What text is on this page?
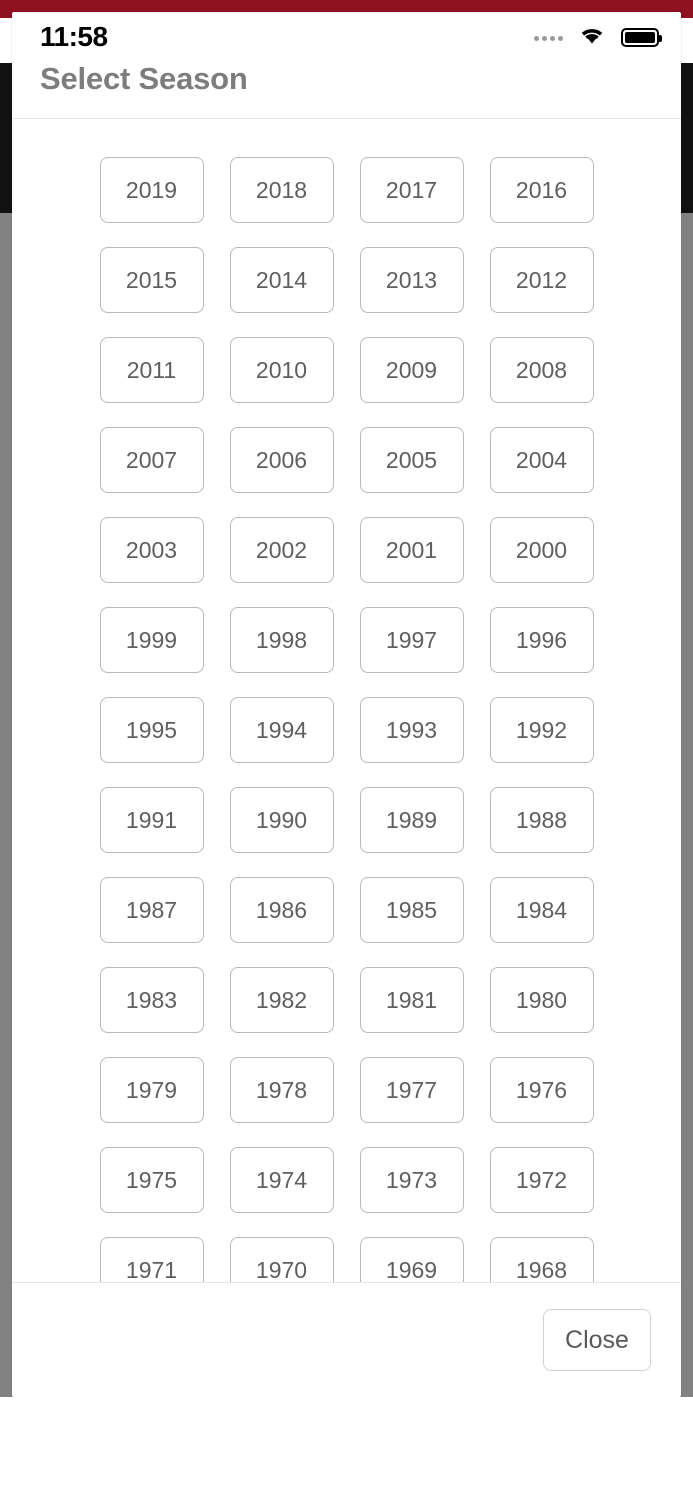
11:58
Select Season
2019	2018	2017	2016
2015	2014	2013	2012
2011	2010	2009	2008
2007	2006	2005	2004
2003	2002	2001	2000
1999	1998	1997	1996
1995	1994	1993	1992
1991	1990	1989	1988
1987	1986	1985	1984
1983	1982	1981	1980
1979	1978	1977	1976
1975	1974	1973	1972
1971	1970	1969	1968
Close
